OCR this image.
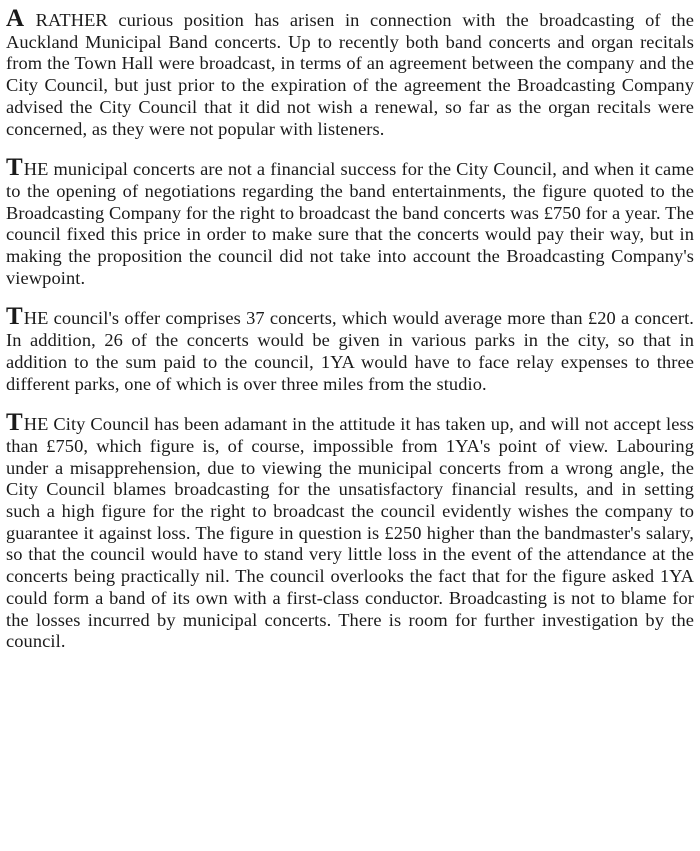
A RATHER curious position has arisen in connection with the broadcasting of the Auckland Municipal Band concerts. Up to recently both band concerts and organ recitals from the Town Hall were broadcast, in terms of an agreement between the company and the City Council, but just prior to the expiration of the agreement the Broadcasting Company advised the City Council that it did not wish a renewal, so far as the organ recitals were concerned, as they were not popular with listeners.

THE municipal concerts are not a financial success for the City Council, and when it came to the opening of negotiations regarding the band entertainments, the figure quoted to the Broadcasting Company for the right to broadcast the band concerts was £750 for a year. The council fixed this price in order to make sure that the concerts would pay their way, but in making the proposition the council did not take into account the Broadcasting Company's viewpoint.

THE council's offer comprises 37 concerts, which would average more than £20 a concert. In addition, 26 of the concerts would be given in various parks in the city, so that in addition to the sum paid to the council, 1YA would have to face relay expenses to three different parks, one of which is over three miles from the studio.

THE City Council has been adamant in the attitude it has taken up, and will not accept less than £750, which figure is, of course, impossible from 1YA's point of view. Labouring under a misapprehension, due to viewing the municipal concerts from a wrong angle, the City Council blames broadcasting for the unsatisfactory financial results, and in setting such a high figure for the right to broadcast the council evidently wishes the company to guarantee it against loss. The figure in question is £250 higher than the bandmaster's salary, so that the council would have to stand very little loss in the event of the attendance at the concerts being practically nil. The council overlooks the fact that for the figure asked 1YA could form a band of its own with a first-class conductor. Broadcasting is not to blame for the losses incurred by municipal concerts. There is room for further investigation by the council.
